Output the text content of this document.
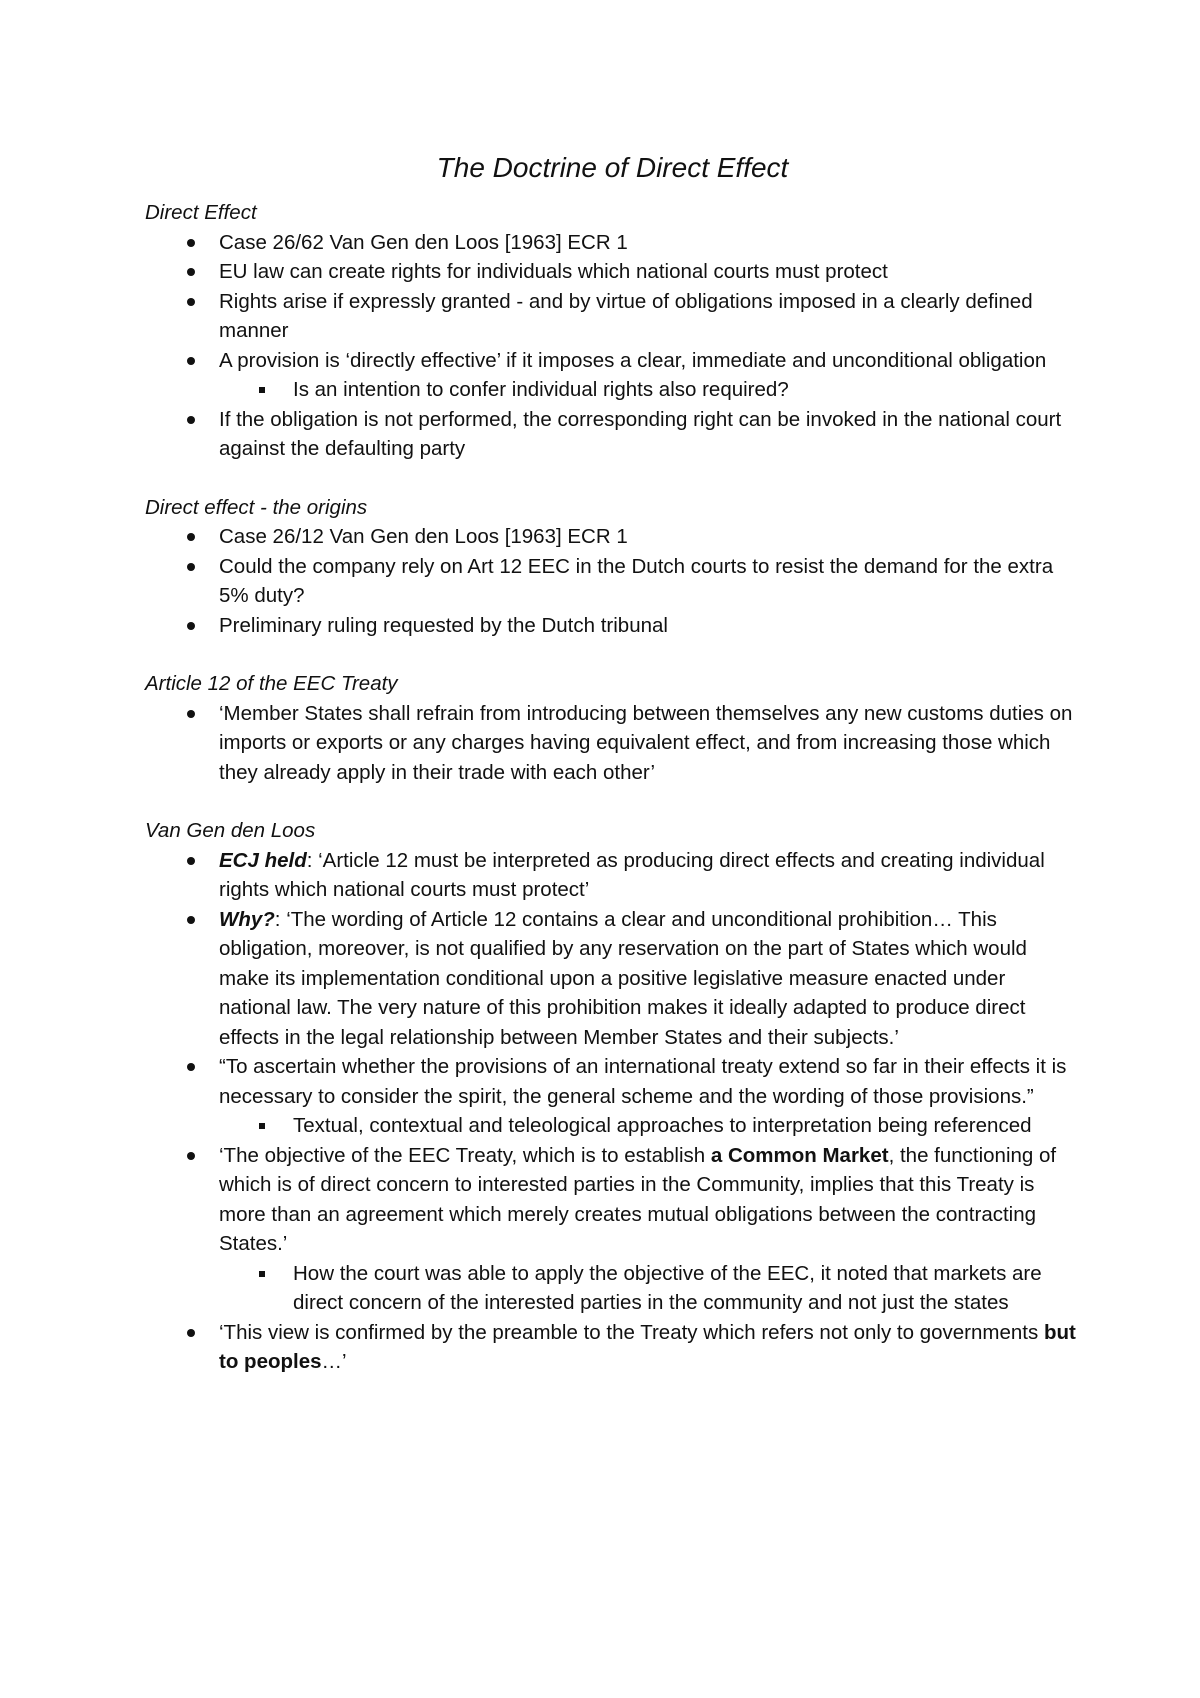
The Doctrine of Direct Effect
Direct Effect
Case 26/62 Van Gen den Loos [1963] ECR 1
EU law can create rights for individuals which national courts must protect
Rights arise if expressly granted - and by virtue of obligations imposed in a clearly defined manner
A provision is ‘directly effective’ if it imposes a clear, immediate and unconditional obligation
Is an intention to confer individual rights also required?
If the obligation is not performed, the corresponding right can be invoked in the national court against the defaulting party
Direct effect - the origins
Case 26/12 Van Gen den Loos [1963] ECR 1
Could the company rely on Art 12 EEC in the Dutch courts to resist the demand for the extra 5% duty?
Preliminary ruling requested by the Dutch tribunal
Article 12 of the EEC Treaty
‘Member States shall refrain from introducing between themselves any new customs duties on imports or exports or any charges having equivalent effect, and from increasing those which they already apply in their trade with each other’
Van Gen den Loos
ECJ held: ‘Article 12 must be interpreted as producing direct effects and creating individual rights which national courts must protect’
Why?: ‘The wording of Article 12 contains a clear and unconditional prohibition… This obligation, moreover, is not qualified by any reservation on the part of States which would make its implementation conditional upon a positive legislative measure enacted under national law. The very nature of this prohibition makes it ideally adapted to produce direct effects in the legal relationship between Member States and their subjects.’
“To ascertain whether the provisions of an international treaty extend so far in their effects it is necessary to consider the spirit, the general scheme and the wording of those provisions.”
Textual, contextual and teleological approaches to interpretation being referenced
‘The objective of the EEC Treaty, which is to establish a Common Market, the functioning of which is of direct concern to interested parties in the Community, implies that this Treaty is more than an agreement which merely creates mutual obligations between the contracting States.’
How the court was able to apply the objective of the EEC, it noted that markets are direct concern of the interested parties in the community and not just the states
‘This view is confirmed by the preamble to the Treaty which refers not only to governments but to peoples…’
